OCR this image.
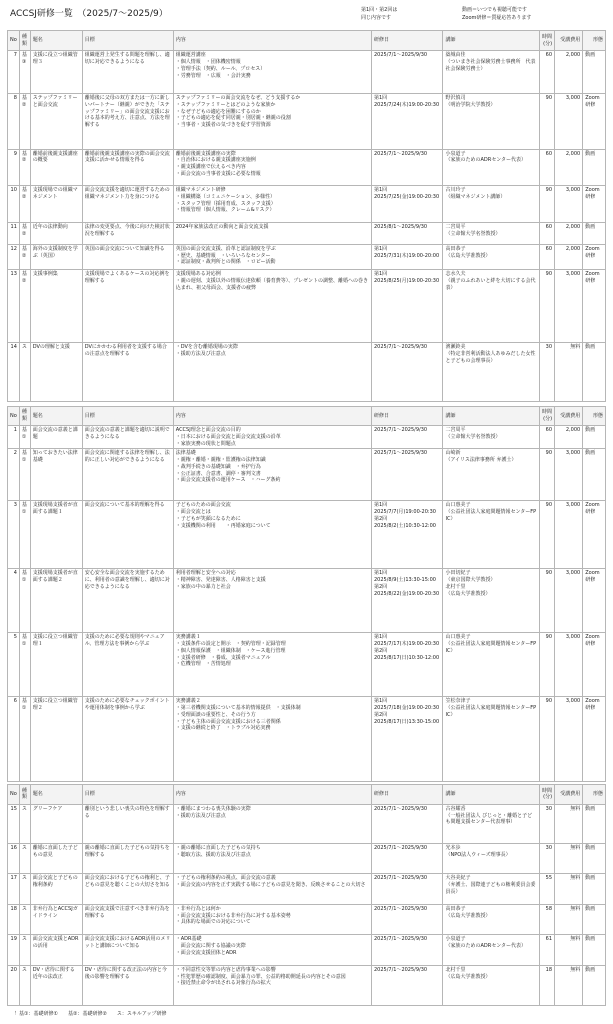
ACCSJ研修一覧　（2025/7～2025/9）	第1回・第2回は
同じ内容です
動画＝いつでも視聴可能です
Zoom研修＝質疑応答あります
No	種類	題名	目標	内容	研修日	講師	時間(分)	受講費用	形態
7	基③	支援に役立つ組織管理３	組織運営上発生する問題を理解し、適切に対応できるようになる	組織運営講座
・個人情報　・団体機密情報
・管理手法（契約、ルール、プロセス）
・労務管理　・広報　・会計実務	2025/7/1～2025/9/30	築城由佳
（ついまき社会保険労務士事務所　代表社会保険労務士）	60	2,000	動画
8	基②	ステップファミリーと面会交流	離婚後に父母の双方または一方に新しいパートナー（継親）ができた「ステップファミリー」の面会交流支援における基本的考え方、注意点、方法を理解する	ステップファミリーの面会交流をなぜ、どう支援するか
・ステップファミリーとはどのような家族か
・なぜ子どもの適応を困難にするのか
・子どもの適応を促す同居親・別居親・継親の役割
・当事者・支援者の気づきを促す学習資源	第1回
2025/7/24(木)19:00-20:30	野沢慎司
（明治学院大学教授）	90	3,000	Zoom研修
9	基②	離婚前後親支援講座の概要	離婚前後親支援講座の実際の面会交流支援に活かせる情報を得る	離婚前後親支援講座の実際
・自治体における親支援講座実施例
・親支援講座で伝えるべき内容
・面会交流の当事者支援に必要な情報	2025/7/1～2025/9/30	小泉道子
（家族のためのADRセンター代表）	60	2,000	動画
10	基②	支援現場での組織マネジメント	面会交流支援を適切に運営するための組織マネジメント力を身につける	組織マネジメント研修
・組織構築（コミュニケーション、多様性）
・スタッフ管理（採用育成、スタッフ支援）
・情報管理（個人情報、クレーム&リスク）	第1回
2025/7/25(金)19:00-20:30	古川玲子
（組織マネジメント講師）	90	3,000	Zoom研修
11	基②	近年の法律動向	法律の変更要点、今後に向けた検討状況を理解する	2024年家族法改正の動向と面会交流支援	2025/8/1～2025/9/30	二宮周平
（立命館大学名誉教授）	60	2,000	動画
12	基②	海外の支援制度を学ぶ（英国）	英国の面会交流について知識を得る	英国の面会交流支援、沿革と認証制度を学ぶ
・歴史、基礎情報　・いろいろなセンター
・認証制度・裁判所との関係　・ロビー活動	第1回
2025/7/31(木)19:00-20:00	高田恭子
（広島大学准教授）	60	2,000	Zoom研修
13	基②	支援事例集	支援現場でよくあるケースの対応例を理解する	支援現場ある対応例
・親の遅刻、支援以外の情報伝達依頼（養育費等）、プレゼントの調整、離婚への巻き込まれ、祖父母面会、支援者の疲弊	第1回
2025/8/25(月)19:00-20:30	志水久夫
（親子のふれあいと絆を大切にする会代表）	90	3,000	Zoom研修
14	ス	DVの理解と支援	DVにかかわる利用者を支援する場合の注意点を理解する	・DVを含む離婚現場の実際
・援助方法及び注意点	2025/7/1～2025/9/30	濱瀬鈴美
（特定非営利活動法人あゆみだした女性と子どもの会理事長）	30	無料	動画
No	種類	題名	目標	内容	研修日	講師	時間(分)	受講費用	形態
1	基①	面会交流の意義と課題	面会交流の意義と課題を適切に説明できるようになる	ACCSJ理念と面会交流の目的
・日本における面会交流と面会交流支援の沿革
・家族実務の現状と問題点	2025/7/1～2025/9/30	二宮周平
（立命館大学名誉教授）	60	2,000	動画
2	基①	知っておきたい法律基礎	面会交流に関連する法律を理解し、法的に正しい対応ができるようになる	法律基礎
・親権・離婚・親権・監護権の法律知識
・裁判手続きの基礎知識　・弁护行為
・公正証書、合意書、調停・審判文書
・面会交流支援者の運用ケース　・ハーグ条約	2025/7/1～2025/9/30	山崎新
（アイリス法律事務所 弁護士）	90	3,000	動画
3	基①	支援現場支援者が直面する課題１	面会交流について基本的理解を得る	子どものための面会交流
・面会交流とは
・子どもが笑顔になるために
・支援機関の利用　　・再婚家庭について	第1回
2025/7/7(月)19:00-20:30
第2回
2025/8/2(土)10:30-12:00	山口惠美子
（公益社団法人家庭問題情報センターFPIC）	90	3,000	Zoom研修
4	基①	支援現場支援者が直面する課題２	安心安全な面会交流を実施するために、利用者の意識を理解し、適切に対応できるようになる	利用者理解と安全への対応
・精神障害、発達障害、人格障害と支援
・家族の中の暴力と社会	第1回
2025/8/9(土)13:30-15:00
第2回
2025/8/22(金)19:00-20:30	小田切紀子
（東京国際大学教授）
北村千里
（広島大学准教授）	90	3,000	Zoom研修
5	基①	支援に役立つ組織管理１	支援のために必要な規則やマニュアル、管理方法を事例から学ぶ	実務講義１
・支援条件の設定と開示　・契約管理・記録管理
・個人情報保護　・組織体制　・ケース進行管理
・支援者研修　・養成、支援者マニュアル
・危機管理　・苦情処理	第1回
2025/7/17(木)19:00-20:30
第2回
2025/8/17(日)10:30-12:00	山口惠美子
（公益社団法人家庭問題情報センターFPIC）	90	3,000	Zoom研修
6	基①	支援に役立つ組織管理２	支援のために必要なチェックポイントや運用体制を事例から学ぶ	実務講義２
・第三者機関支援について基本的情報提供　・支援体制
・受理面談の重要性と、その行う方
・子ども主体の面会交流支援における三者関係
・支援の継続と終了　・トラブル対応実務	第1回
2025/7/18(金)19:00-20:30
第2回
2025/8/17(日)13:30-15:00	笠松奈津子
（公益社団法人家庭問題情報センターFPIC）	90	3,000	Zoom研修
No	種類	題名	目標	内容	研修日	講師	時間(分)	受講費用	形態
15	ス	グリーフケア	離別という悲しい喪失の特色を理解する	・離婚にまつわる喪失体験の実際
・援助方法及び注意点	2025/7/1～2025/9/30	古谷耀香
（一般社団法人 びじっと・離婚と子ども問題支援センター代表理事）	30	無料	動画
16	ス	離婚に直面した子どもの意見	親の離婚に直面した子どもの気持ちを理解する	・親の離婚に直面した子どもの気持ち
・聴取方法、援助方法及び注意点	2025/7/1～2025/9/30	光本歩
（NPO法人ウィーズ理事長）	30	無料	動画
17	ス	面会交流と子どもの権利条約	面会交流における子どもの権利と、子どもの意見を聴くことの大切さを知る	・子どもの権利条約の視点、面会交流の意義
・面会交流の内容を正す実践する場に子どもの意見を聞き、反映させることの大切さ	2025/7/1～2025/9/30	大谷美紀子
（弁護士、国際連子どもの権利委員会委員長）	55	無料	動画
18	ス	非弁行為とACCSJガイドライン	面会交流支援で注意すべき非弁行為を理解する	・非弁行為とは何か
・面会交流支援における非弁行為に対する基本姿勢
・具体的な場面での対応について	2025/7/1～2025/9/30	高田恭子
（広島大学准教授）	58	無料	動画
19	ス	面会交流支援とADRの活用	面会交流支援におけるADR活用のメリットと講師について知る	・ADR基礎
　面会交流に関する協議の実際
・面会交流支援団体とADR	2025/7/1～2025/9/30	小泉道子
（家族のためのADRセンター代表）	61	無料	動画
20	ス	DV・虐待に関する近年の法改正	DV・虐待に関する改正法の内容と今後の影響を理解する	・不同意性交等罪の内容と虐待事業への影響
・性犯罪歴の確認制度、面会暴力の罪、公益的格助開延長の内容とその意図
・接近禁止命令が出される対象行為の拡大	2025/7/1～2025/9/30	北村千里
（広島大学准教授）	18	無料	動画
！基①：基礎研修①　　基②：基礎研修②　　ス：スキルアップ研修
